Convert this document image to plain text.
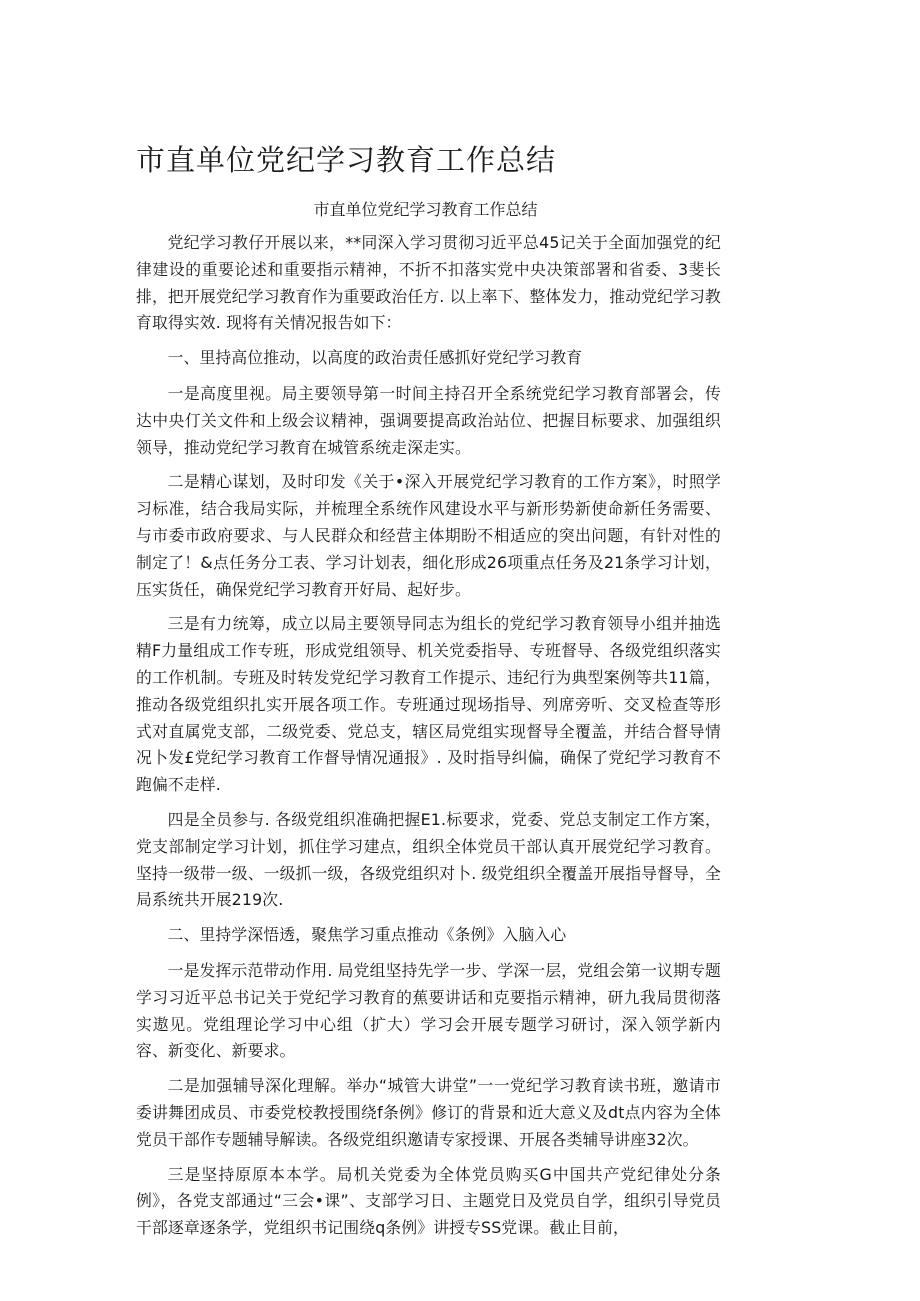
市直单位党纪学习教育工作总结
市直单位党纪学习教育工作总结

党纪学习教仔开展以来，**同深入学习贯彻习近平总45记关于全面加强党的纪律建设的重要论述和重要指示精神，不折不扣落实党中央决策部署和省委、3斐长排，把开展党纪学习教育作为重要政治任方. 以上率下、整体发力，推动党纪学习教育取得实效. 现将有关情况报告如下：

一、里持高位推动，以高度的政治责任感抓好党纪学习教育

一是高度里视。局主要领导第一时间主持召开全系统党纪学习教育部署会，传达中央仃关文件和上级会议精神，强调要提高政治站位、把握目标要求、加强组织领导，推动党纪学习教育在城管系统走深走实。

二是精心谋划，及时印发《关于•深入开展党纪学习教育的工作方案》，时照学习标准，结合我局实际，并梳理全系统作风建设水平与新形势新使命新任务需要、与市委市政府要求、与人民群众和经营主体期盼不相适应的突出问题，有针对性的制定了！&点任务分工表、学习计划表，细化形成26项重点任务及21条学习计划，压实货任，确保党纪学习教育开好局、起好步。

三是有力统筹，成立以局主要领导同志为组长的党纪学习教育领导小组并抽选精F力量组成工作专班，形成党组领导、机关党委指导、专班督导、各级党组织落实的工作机制。专班及时转发党纪学习教育工作提示、违纪行为典型案例等共11篇，推动各级党组织扎实开展各项工作。专班通过现场指导、列席旁听、交叉检查等形式对直属党支部，二级党委、党总支，辖区局党组实现督导全覆盖，并结合督导情况卜发£党纪学习教育工作督导情况通报》. 及时指导纠偏，确保了党纪学习教育不跑偏不走样.

四是全员参与. 各级党组织准确把握E1.标要求，党委、党总支制定工作方案，党支部制定学习计划，抓住学习建点，组织全体党员干部认真开展党纪学习教育。坚持一级带一级、一级抓一级，各级党组织对卜. 级党组织全覆盖开展指导督导，全局系统共开展219次.

二、里持学深悟透，聚焦学习重点推动《条例》入脑入心

一是发挥示范带动作用. 局党组坚持先学一步、学深一层，党组会第一议期专题学习习近平总书记关于党纪学习教育的蕉要讲话和克要指示精神，研九我局贯彻落实遨见。党组理论学习中心组（扩大）学习会开展专题学习研讨，深入领学新内容、新变化、新要求。

二是加强辅导深化理解。举办“城管大讲堂”一一党纪学习教育读书班，邀请市委讲舞团成员、市委党校教授围绕f条例》修订的背景和近大意义及dt点内容为全体党员干部作专题辅导解读。各级党组织邀请专家授课、开展各类辅导讲座32次。

三是坚持原原本本学。局机关党委为全体党员购买G中国共产党纪律处分条例》，各党支部通过“三会•课”、支部学习日、主题党日及党员自学，组织引导党员干部逐章逐条学，党组织书记围绕q条例》讲授专SS党课。截止目前，
